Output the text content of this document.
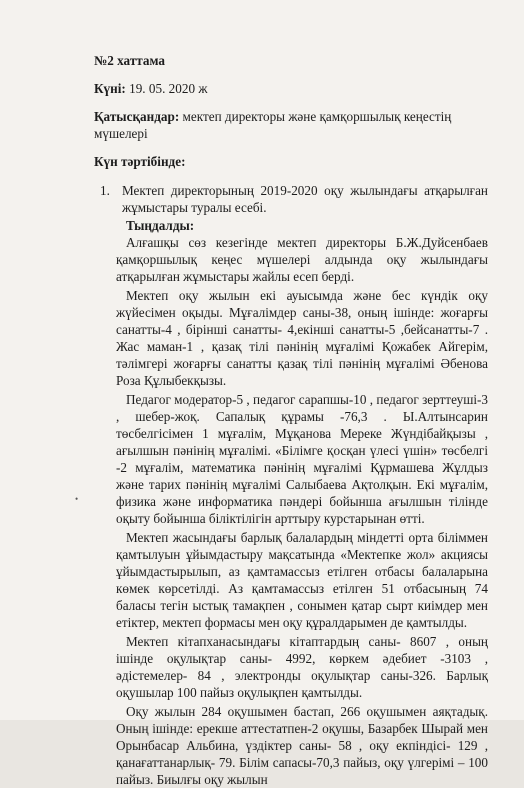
№2 хаттама

Күні: 19. 05. 2020 ж

Қатысқандар: мектеп директоры және қамқоршылық кеңестің мүшелері

Күн тәртібінде:

1. Мектеп директорының 2019-2020 оқу жылындағы атқарылған жұмыстары туралы есебі.
Тыңдалды:

Алғашқы сөз кезегінде мектеп директоры Б.Ж.Дуйсенбаев қамқоршылық кеңес мүшелері алдында оқу жылындағы атқарылған жұмыстары жайлы есеп берді.

Мектеп оқу жылын екі ауысымда және бес күндік оқу жүйесімен оқыды. Мұғалімдер саны-38, оның ішінде: жоғарғы санатты-4 , бірінші санатты- 4,екінші санатты-5 ,бейсанатты-7 . Жас маман-1 , қазақ тілі пәнінің мұғалімі Қожабек Айгерім, тәлімгері жоғарғы санатты қазақ тілі пәнінің мұғалімі Әбенова Роза Құлыбекқызы.

Педагог модератор-5 , педагог сарапшы-10 , педагог зерттеуші-3 , шебер-жоқ. Сапалық құрамы -76,3 . Ы.Алтынсарин төсбелгісімен 1 мұғалім, Мұқанова Мереке Жүндібайқызы , ағылшын пәнінің мұғалімі. «Білімге қосқан үлесі үшін» төсбелгі -2 мұғалім, математика пәнінің мұғалімі Құрмашева Жұлдыз және тарих пәнінің мұғалімі Салыбаева Ақтолқын. Екі мұғалім, физика және информатика пәндері бойынша ағылшын тілінде оқыту бойынша біліктілігін арттыру курстарынан өтті.

Мектеп жасындағы барлық балалардың міндетті орта біліммен қамтылуын ұйымдастыру мақсатында «Мектепке жол» акциясы ұйымдастырылып, аз қамтамассыз етілген отбасы балаларына көмек көрсетілді. Аз қамтамассыз етілген 51 отбасының 74 баласы тегін ыстық тамақпен , сонымен қатар сырт киімдер мен етіктер, мектеп формасы мен оқу құралдарымен де қамтылды.

Мектеп кітапханасындағы кітаптардың саны- 8607 , оның ішінде оқулықтар саны- 4992, көркем әдебиет -3103 , әдістемелер- 84 , электронды оқулықтар саны-326. Барлық оқушылар 100 пайыз оқулықпен қамтылды.

Оқу жылын 284 оқушымен бастап, 266 оқушымен аяқтадық. Оның ішінде: ерекше аттестатпен-2 оқушы, Базарбек Шырай мен Орынбасар Альбина, үздіктер саны- 58 , оқу екпіндісі- 129 , қанағаттанарлық- 79. Білім сапасы-70,3 пайыз, оқу үлгерімі – 100 пайыз. Биылғы оқу жылын

•
